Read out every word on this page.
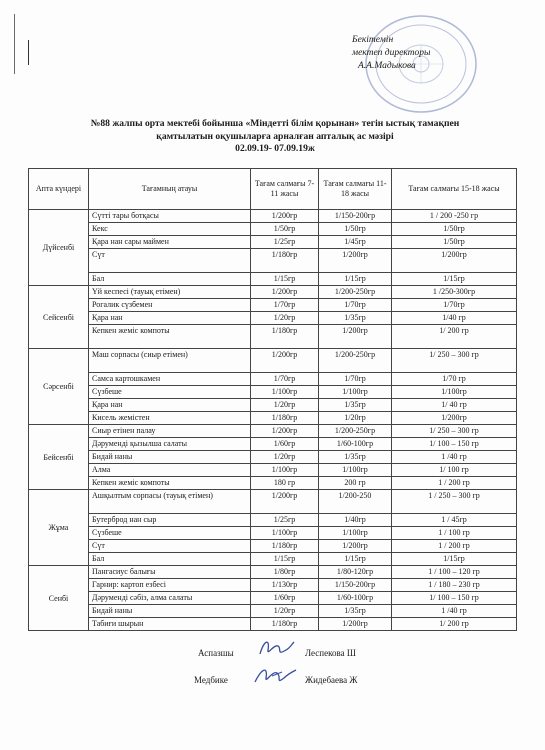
Бекітемін
мектеп директоры
А.А.Мадыкова
№88 жалпы орта мектебі бойынша «Міндетті білім қорынан» тегін ыстық тамақпен
қамтылатын оқушыларға арналған апталық ас мәзірі
02.09.19- 07.09.19ж
Апта күндері	Тағамның атауы	Тағам салмағы 7-11 жасы	Тағам салмағы 11-18 жасы	Тағам салмағы 15-18 жасы
Дүйсенбі	Сүтті тары ботқасы	1/200гр	1/150-200гр	1 / 200 -250 гр
	Кекс	1/50гр	1/50гр	1/50гр
	Қара нан сары маймен	1/25гр	1/45гр	1/50гр
	Сүт	1/180гр	1/200гр	1/200гр
	Бал	1/15гр	1/15гр	1/15гр
Сейсенбі	Үй кеспесі (тауық етімен)	1/200гр	1/200-250гр	1 /250-300гр
	Рогалик сүзбемен	1/70гр	1/70гр	1/70гр
	Қара нан	1/20гр	1/35гр	1/40 гр
	Кепкен жеміс компоты	1/180гр	1/200гр	1/ 200 гр
Сәрсенбі	Маш сорпасы (сиыр етімен)	1/200гр	1/200-250гр	1/ 250 – 300 гр
	Самса картошкамен	1/70гр	1/70гр	1/70 гр
	Сүзбеше	1/100гр	1/100гр	1/100гр
	Қара нан	1/20гр	1/35гр	1/ 40 гр
	Кисель жемістен	1/180гр	1/20гр	1/200гр
Бейсенбі	Сиыр етінен палау	1/200гр	1/200-250гр	1/ 250 – 300 гр
	Дәрумендi қызылша салаты	1/60гр	1/60-100гр	1/ 100 – 150 гр
	Бидай наны	1/20гр	1/35гр	1 /40 гр
	Алма	1/100гр	1/100гр	1/ 100 гр
	Кепкен жеміс компоты	180 гр	200 гр	1 / 200 гр
Жұма	Ашқылтым сорпасы (тауық етімен)	1/200гр	1/200-250	1 / 250 – 300 гр
	Бутерброд нан сыр	1/25гр	1/40гр	1 / 45гр
	Сүзбеше	1/100гр	1/100гр	1 / 100 гр
	Сүт	1/180гр	1/200гр	1 / 200 гр
	Бал	1/15гр	1/15гр	1/15гр
Сенбі	Пангасиус балығы	1/80гр	1/80-120гр	1 / 100 – 120 гр
	Гарнир: картоп езбесі	1/130гр	1/150-200гр	1 / 180 – 230 гр
	Дәрумендi сәбіз, алма салаты	1/60гр	1/60-100гр	1/ 100 – 150 гр
	Бидай наны	1/20гр	1/35гр	1 /40 гр
	Табиғи шырын	1/180гр	1/200гр	1/ 200 гр
Аспазшы	Леспекова Ш
Медбике	Жидебаева Ж
